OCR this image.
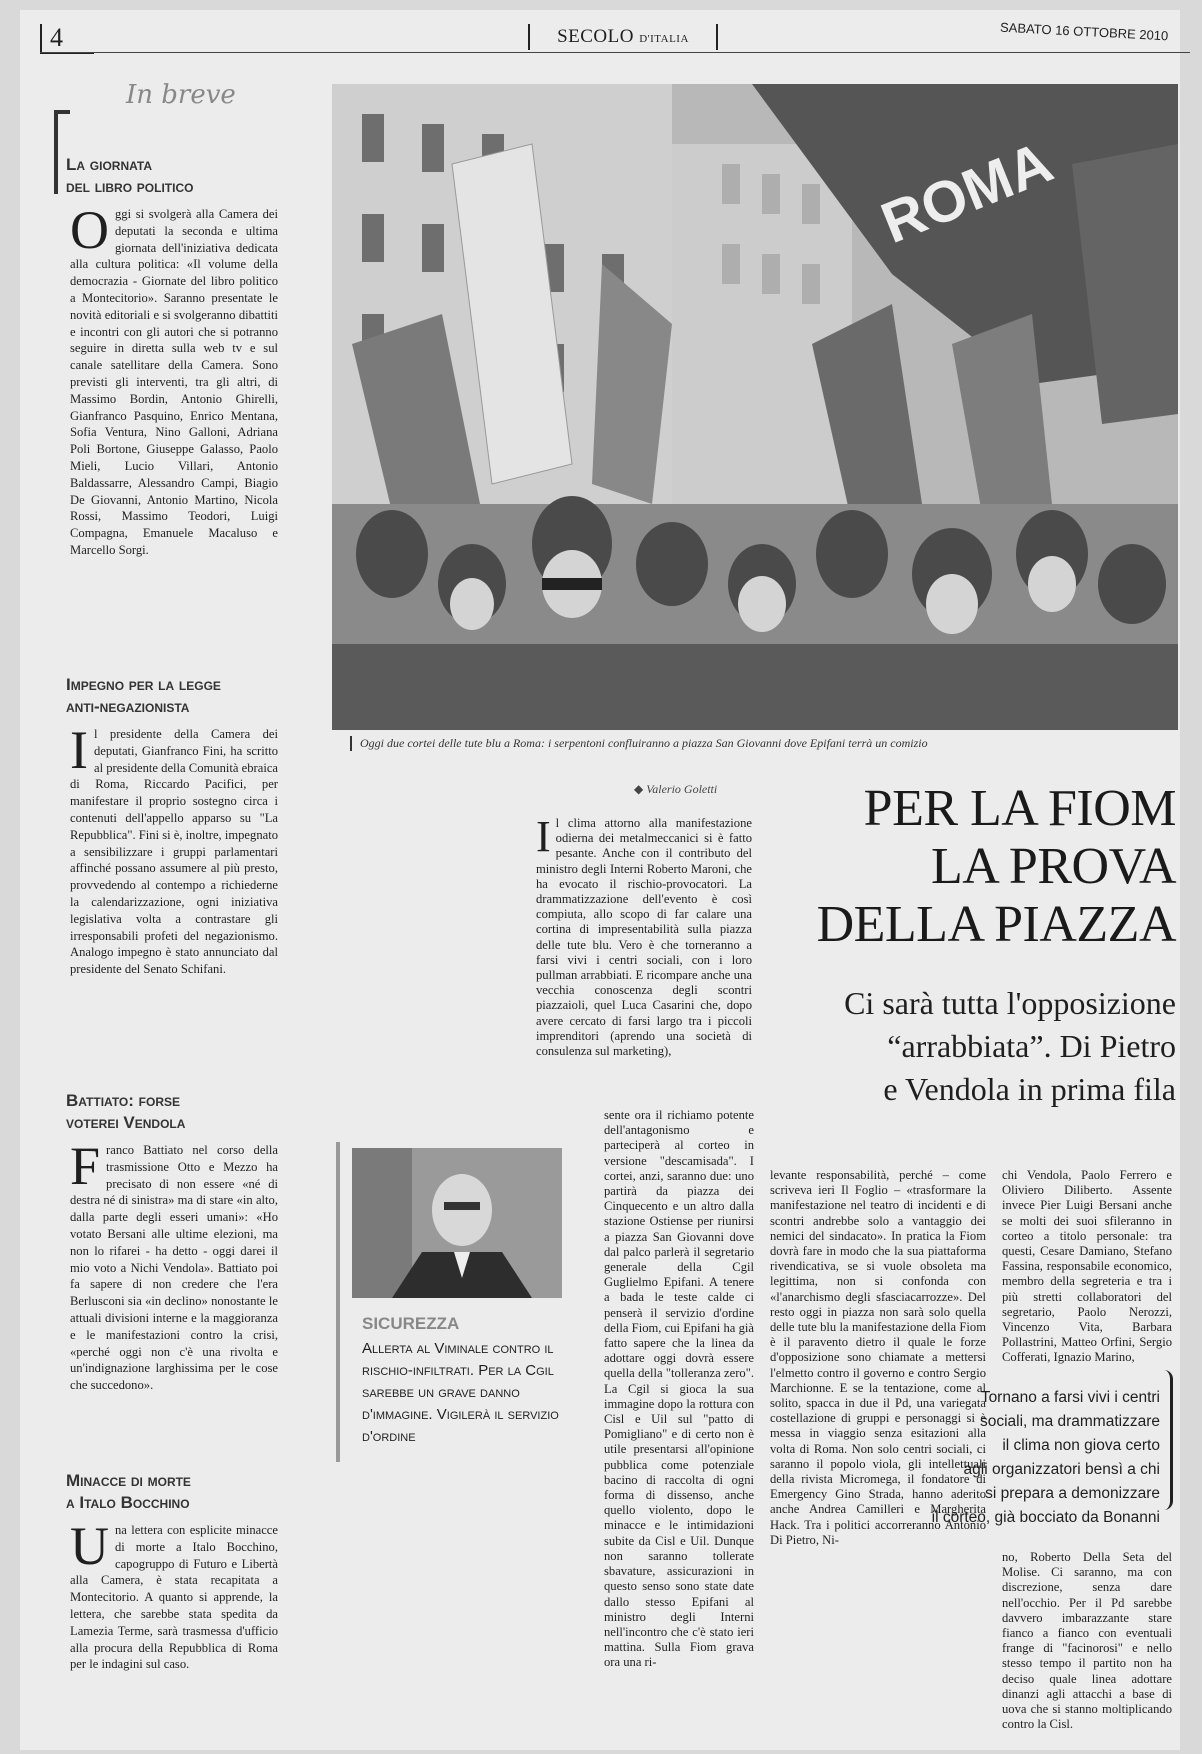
4	SECOLO D'ITALIA	SABATO 16 OTTOBRE 2010
In breve
La giornata
del libro politico
O ggi si svolgerà alla Camera dei deputati la seconda e ultima giornata dell'iniziativa dedicata alla cultura politica: «Il volume della democrazia - Giornate del libro politico a Montecitorio». Saranno presentate le novità editoriali e si svolgeranno dibattiti e incontri con gli autori che si potranno seguire in diretta sulla web tv e sul canale satellitare della Camera. Sono previsti gli interventi, tra gli altri, di Massimo Bordin, Antonio Ghirelli, Gianfranco Pasquino, Enrico Mentana, Sofia Ventura, Nino Galloni, Adriana Poli Bortone, Giuseppe Galasso, Paolo Mieli, Lucio Villari, Antonio Baldassarre, Alessandro Campi, Biagio De Giovanni, Antonio Martino, Nicola Rossi, Massimo Teodori, Luigi Compagna, Emanuele Macaluso e Marcello Sorgi.
Impegno per la legge
anti-negazionista
I l presidente della Camera dei deputati, Gianfranco Fini, ha scritto al presidente della Comunità ebraica di Roma, Riccardo Pacifici, per manifestare il proprio sostegno circa i contenuti dell'appello apparso su "La Repubblica". Fini si è, inoltre, impegnato a sensibilizzare i gruppi parlamentari affinché possano assumere al più presto, provvedendo al contempo a richiederne la calendarizzazione, ogni iniziativa legislativa volta a contrastare gli irresponsabili profeti del negazionismo. Analogo impegno è stato annunciato dal presidente del Senato Schifani.
Battiato: forse
voterei Vendola
F ranco Battiato nel corso della trasmissione Otto e Mezzo ha precisato di non essere «né di destra né di sinistra» ma di stare «in alto, dalla parte degli esseri umani»: «Ho votato Bersani alle ultime elezioni, ma non lo rifarei - ha detto - oggi darei il mio voto a Nichi Vendola». Battiato poi fa sapere di non credere che l'era Berlusconi sia «in declino» nonostante le attuali divisioni interne e la maggioranza e le manifestazioni contro la crisi, «perché oggi non c'è una rivolta e un'indignazione larghissima per le cose che succedono».
Minacce di morte
a Italo Bocchino
U na lettera con esplicite minacce di morte a Italo Bocchino, capogruppo di Futuro e Libertà alla Camera, è stata recapitata a Montecitorio. A quanto si apprende, la lettera, che sarebbe stata spedita da Lamezia Terme, sarà trasmessa d'ufficio alla procura della Repubblica di Roma per le indagini sul caso.
ROMA
Oggi due cortei delle tute blu a Roma: i serpentoni confluiranno a piazza San Giovanni dove Epifani terrà un comizio
◆ Valerio Goletti	PER LA FIOM
LA PROVA
DELLA PIAZZA
Ci sarà tutta l'opposizione
“arrabbiata”. Di Pietro
e Vendola in prima fila
I l clima attorno alla manifestazione odierna dei metalmeccanici si è fatto pesante. Anche con il contributo del ministro degli Interni Roberto Maroni, che ha evocato il rischio-provocatori. La drammatizzazione dell'evento è così compiuta, allo scopo di far calare una cortina di impresentabilità sulla piazza delle tute blu. Vero è che torneranno a farsi vivi i centri sociali, con i loro pullman arrabbiati. E ricompare anche una vecchia conoscenza degli scontri piazzaioli, quel Luca Casarini che, dopo avere cercato di farsi largo tra i piccoli imprenditori (aprendo una società di consulenza sul marketing),
sente ora il richiamo potente dell'antagonismo e parteciperà al corteo in versione "descamisada". I cortei, anzi, saranno due: uno partirà da piazza dei Cinquecento e un altro dalla stazione Ostiense per riunirsi a piazza San Giovanni dove dal palco parlerà il segretario generale della Cgil Guglielmo Epifani. A tenere a bada le teste calde ci penserà il servizio d'ordine della Fiom, cui Epifani ha già fatto sapere che la linea da adottare oggi dovrà essere quella della "tolleranza zero". La Cgil si gioca la sua immagine dopo la rottura con Cisl e Uil sul "patto di Pomigliano" e di certo non è utile presentarsi all'opinione pubblica come potenziale bacino di raccolta di ogni forma di dissenso, anche quello violento, dopo le minacce e le intimidazioni subite da Cisl e Uil. Dunque non saranno tollerate sbavature, assicurazioni in questo senso sono state date dallo stesso Epifani al ministro degli Interni nell'incontro che c'è stato ieri mattina. Sulla Fiom grava ora una ri-
levante responsabilità, perché – come scriveva ieri Il Foglio – «trasformare la manifestazione nel teatro di incidenti e di scontri andrebbe solo a vantaggio dei nemici del sindacato». In pratica la Fiom dovrà fare in modo che la sua piattaforma rivendicativa, se si vuole obsoleta ma legittima, non si confonda con «l'anarchismo degli sfasciacarrozze». Del resto oggi in piazza non sarà solo quella delle tute blu la manifestazione della Fiom è il paravento dietro il quale le forze d'opposizione sono chiamate a mettersi l'elmetto contro il governo e contro Sergio Marchionne. E se la tentazione, come al solito, spacca in due il Pd, una variegata costellazione di gruppi e personaggi si è messa in viaggio senza esitazioni alla volta di Roma. Non solo centri sociali, ci saranno il popolo viola, gli intellettuali della rivista Micromega, il fondatore di Emergency Gino Strada, hanno aderito anche Andrea Camilleri e Margherita Hack. Tra i politici accorreranno Antonio Di Pietro, Ni-
chi Vendola, Paolo Ferrero e Oliviero Diliberto. Assente invece Pier Luigi Bersani anche se molti dei suoi sfileranno in corteo a titolo personale: tra questi, Cesare Damiano, Stefano Fassina, responsabile economico, membro della segreteria e tra i più stretti collaboratori del segretario, Paolo Nerozzi, Vincenzo Vita, Barbara Pollastrini, Matteo Orfini, Sergio Cofferati, Ignazio Marino,
no, Roberto Della Seta del Molise. Ci saranno, ma con discrezione, senza dare nell'occhio. Per il Pd sarebbe davvero imbarazzante stare fianco a fianco con eventuali frange di "facinorosi" e nello stesso tempo il partito non ha deciso quale linea adottare dinanzi agli attacchi a base di uova che si stanno moltiplicando contro la Cisl.
SICUREZZA
Allerta al Viminale contro il rischio-infiltrati. Per la Cgil sarebbe un grave danno d'immagine. Vigilerà il servizio d'ordine
Tornano a farsi vivi i centri
sociali, ma drammatizzare
il clima non giova certo
agli organizzatori bensì a chi
si prepara a demonizzare
il corteo, già bocciato da Bonanni
